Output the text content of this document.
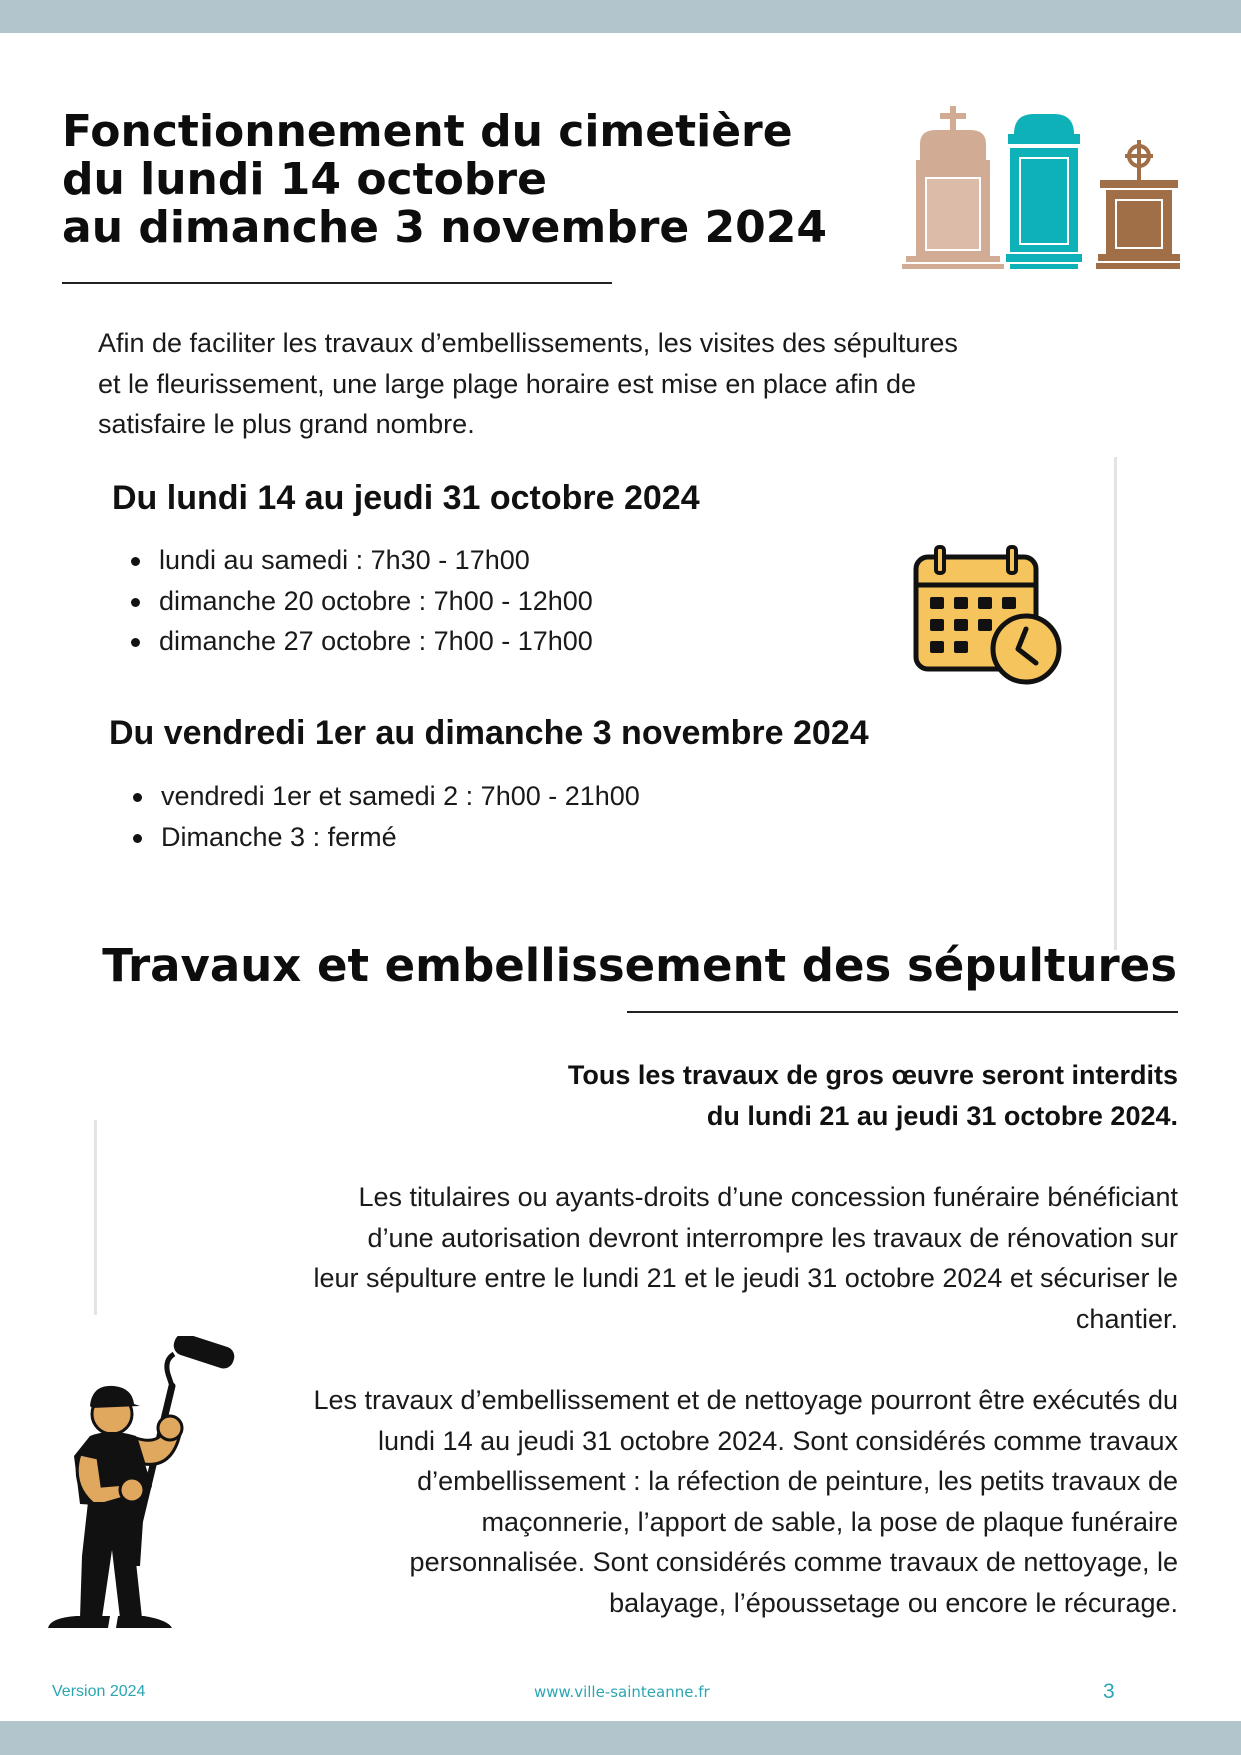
Fonctionnement du cimetière
du lundi 14 octobre
au dimanche 3 novembre 2024

Afin de faciliter les travaux d’embellissements, les visites des sépultures
et le fleurissement, une large plage horaire est mise en place afin de
satisfaire le plus grand nombre.

Du lundi 14 au jeudi 31 octobre 2024
lundi au samedi : 7h30 - 17h00
dimanche 20 octobre : 7h00 - 12h00
dimanche 27 octobre : 7h00 - 17h00
Du vendredi 1er au dimanche 3 novembre 2024
vendredi 1er et samedi 2 : 7h00 - 21h00
Dimanche 3 : fermé
Travaux et embellissement des sépultures

Tous les travaux de gros œuvre seront interdits
du lundi 21 au jeudi 31 octobre 2024.

Les titulaires ou ayants-droits d’une concession funéraire bénéficiant
d’une autorisation devront interrompre les travaux de rénovation sur
leur sépulture entre le lundi 21 et le jeudi 31 octobre 2024 et sécuriser le
chantier.

Les travaux d’embellissement et de nettoyage pourront être exécutés du
lundi 14 au jeudi 31 octobre 2024. Sont considérés comme travaux
d’embellissement : la réfection de peinture, les petits travaux de
maçonnerie, l’apport de sable, la pose de plaque funéraire
personnalisée. Sont considérés comme travaux de nettoyage, le
balayage, l’époussetage ou encore le récurage.

Version 2024	www.ville-sainteanne.fr	3
